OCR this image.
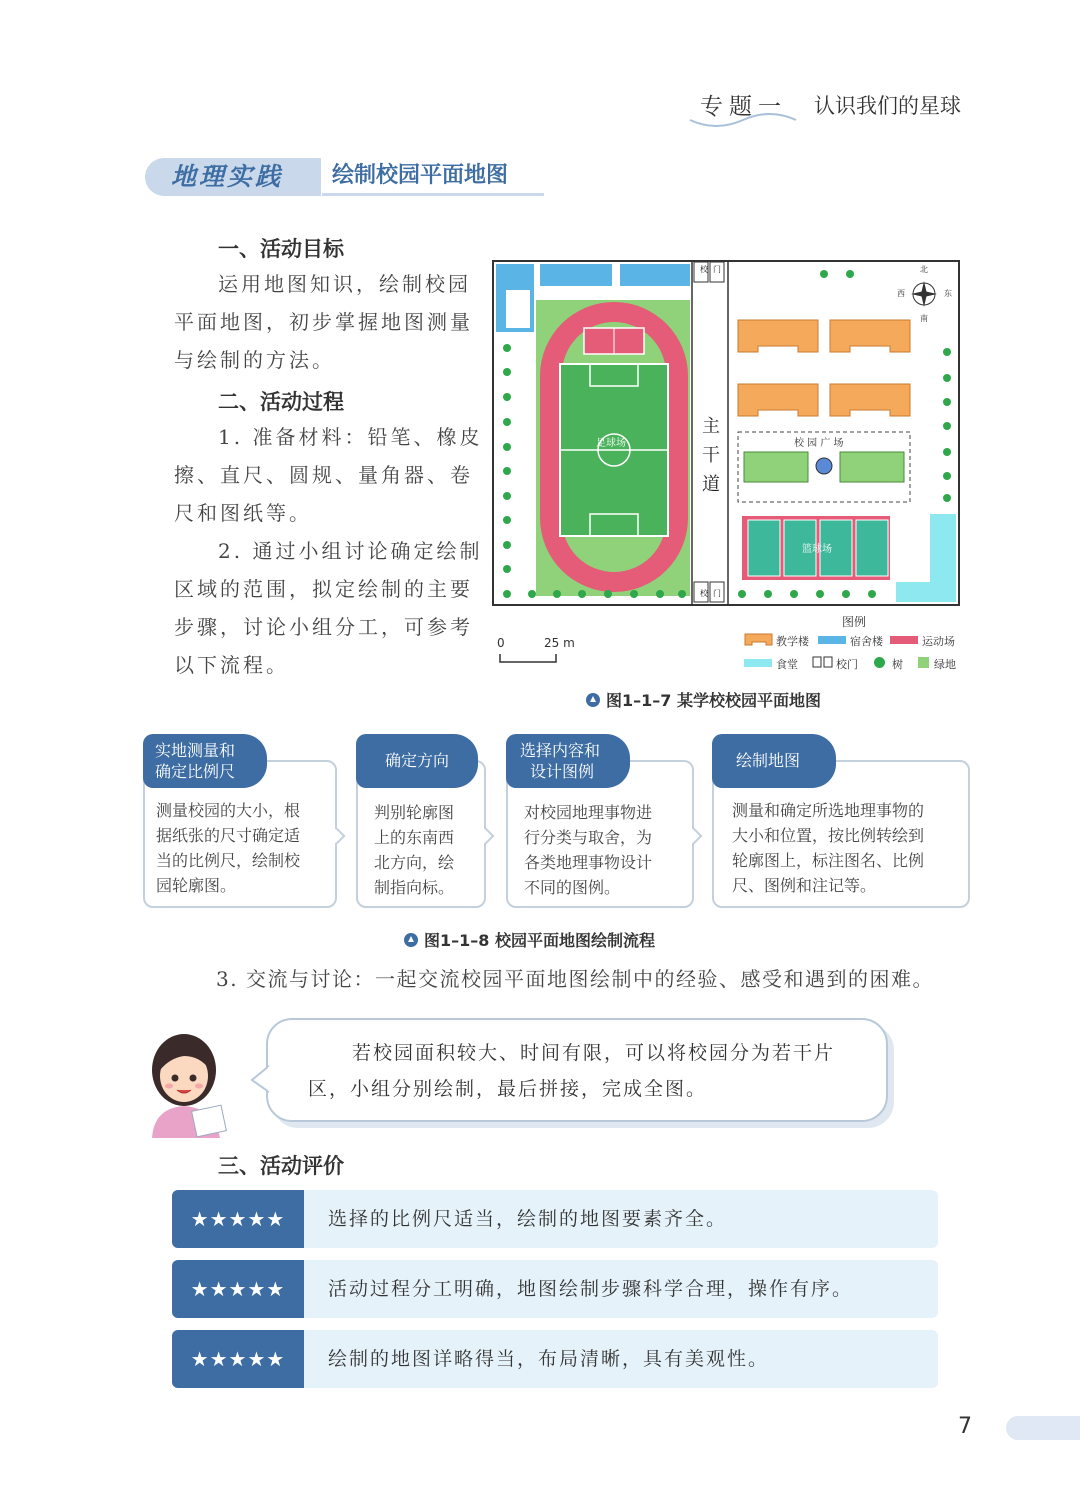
专题一 认识我们的星球
地理实践	绘制校园平面地图
一、活动目标
运用地图知识，绘制校园
平面地图，初步掌握地图测量
与绘制的方法。
二、活动过程
1. 准备材料：铅笔、橡皮
擦、直尺、圆规、量角器、卷
尺和图纸等。
2. 通过小组讨论确定绘制
区域的范围，拟定绘制的主要
步骤，讨论小组分工，可参考
以下流程。
主
干
道
校门
校门
足球场	校 园 广 场
篮球场
北
南
东
西
0	25 m
图例
教学楼	宿舍楼	运动场
食堂	校门	树	绿地
图1–1–7 某学校校园平面地图
实地测量和
确定比例尺
测量校园的大小，根
据纸张的尺寸确定适
当的比例尺，绘制校
园轮廓图。
确定方向
判别轮廓图
上的东南西
北方向，绘
制指向标。
选择内容和
设计图例
对校园地理事物进
行分类与取舍，为
各类地理事物设计
不同的图例。
绘制地图
测量和确定所选地理事物的
大小和位置，按比例转绘到
轮廓图上，标注图名、比例
尺、图例和注记等。
图1–1–8 校园平面地图绘制流程
3. 交流与讨论：一起交流校园平面地图绘制中的经验、感受和遇到的困难。
若校园面积较大、时间有限，可以将校园分为若干片
区，小组分别绘制，最后拼接，完成全图。
三、活动评价
★★★★★	选择的比例尺适当，绘制的地图要素齐全。
★★★★★	活动过程分工明确，地图绘制步骤科学合理，操作有序。
★★★★★	绘制的地图详略得当，布局清晰，具有美观性。
7
